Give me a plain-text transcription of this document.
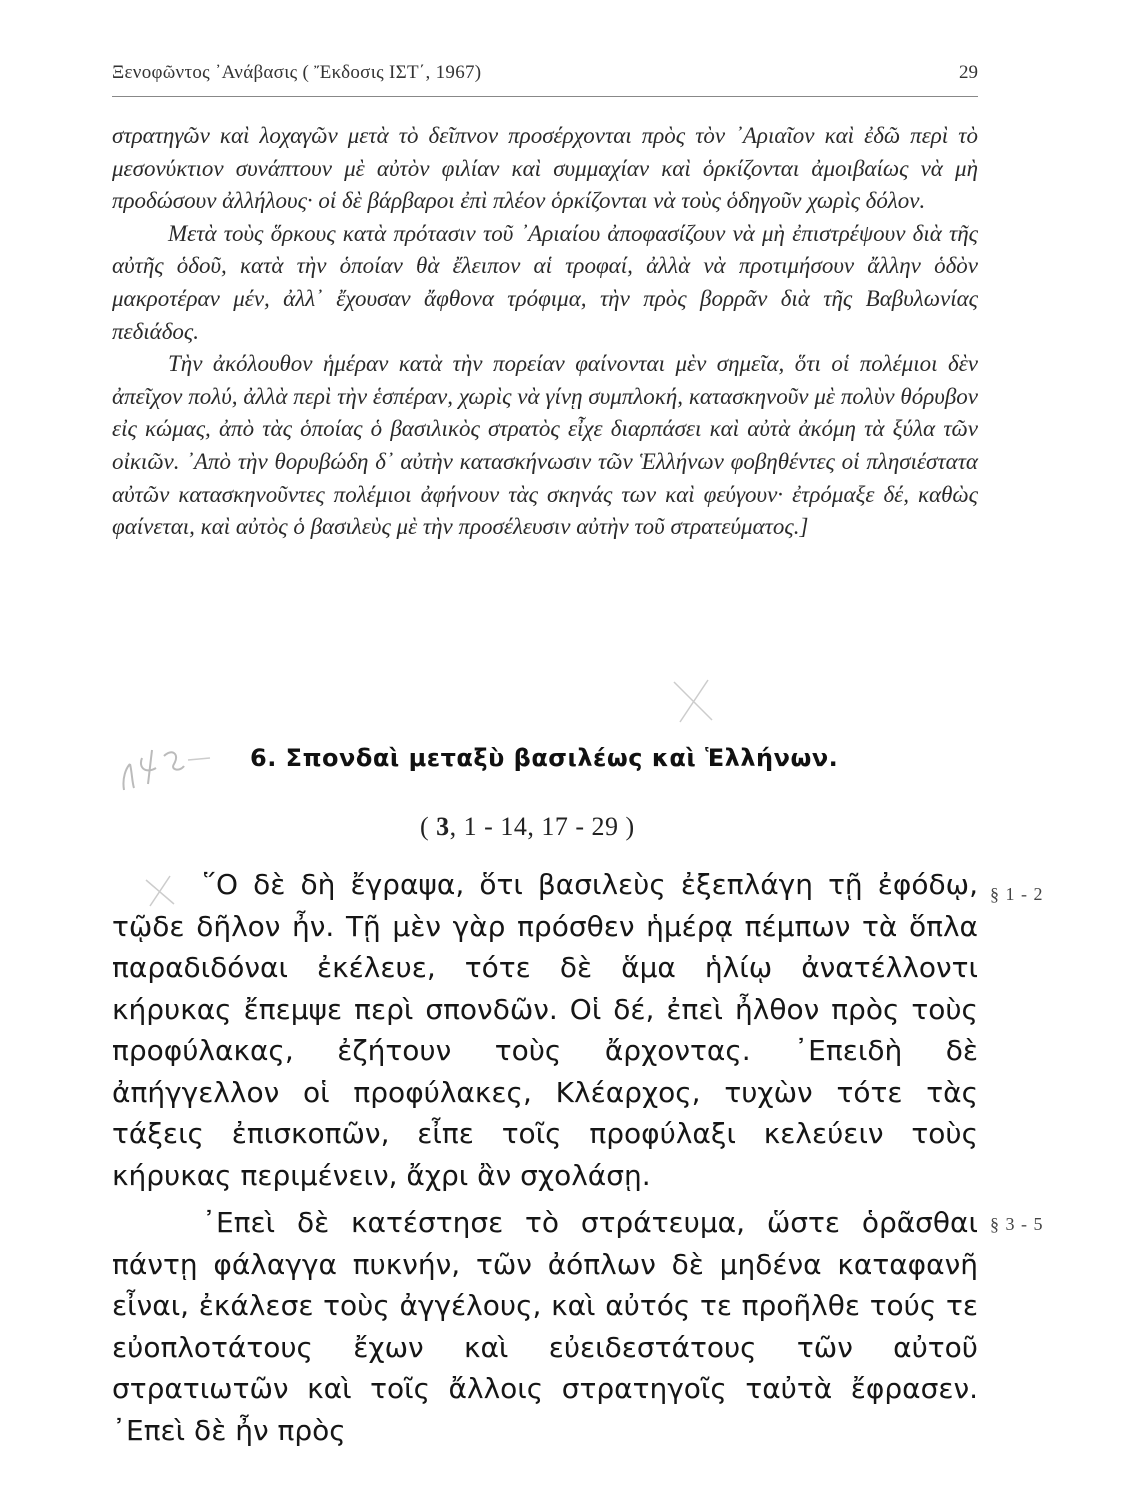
Ξενοφῶντος ᾿Ανάβασις ( Ἔκδοσις ΙΣΤ΄, 1967)	29

στρατηγῶν καὶ λοχαγῶν μετὰ τὸ δεῖπνον προσέρχονται πρὸς τὸν ᾿Αριαῖον καὶ ἐδῶ περὶ τὸ μεσονύκτιον συνάπτουν μὲ αὐτὸν φιλίαν καὶ συμμαχίαν καὶ ὁρκίζονται ἀμοιβαίως νὰ μὴ προδώσουν ἀλλήλους· οἱ δὲ βάρβαροι ἐπὶ πλέον ὁρκίζονται νὰ τοὺς ὁδηγοῦν χωρὶς δόλον.

Μετὰ τοὺς ὅρκους κατὰ πρότασιν τοῦ ᾿Αριαίου ἀποφασίζουν νὰ μὴ ἐπιστρέψουν διὰ τῆς αὐτῆς ὁδοῦ, κατὰ τὴν ὁποίαν θὰ ἔλειπον αἱ τροφαί, ἀλλὰ νὰ προτιμήσουν ἄλλην ὁδὸν μακροτέραν μέν, ἀλλ᾿ ἔχουσαν ἄφθονα τρόφιμα, τὴν πρὸς βορρᾶν διὰ τῆς Βαβυλωνίας πεδιάδος.

Τὴν ἀκόλουθον ἡμέραν κατὰ τὴν πορείαν φαίνονται μὲν σημεῖα, ὅτι οἱ πολέμιοι δὲν ἀπεῖχον πολύ, ἀλλὰ περὶ τὴν ἑσπέραν, χωρὶς νὰ γίνῃ συμπλοκή, κατασκηνοῦν μὲ πολὺν θόρυβον εἰς κώμας, ἀπὸ τὰς ὁποίας ὁ βασιλικὸς στρατὸς εἶχε διαρπάσει καὶ αὐτὰ ἀκόμη τὰ ξύλα τῶν οἰκιῶν. ᾿Απὸ τὴν θορυβώδη δ᾿ αὐτὴν κατασκήνωσιν τῶν Ἑλλήνων φοβηθέντες οἱ πλησιέστατα αὐτῶν κατασκηνοῦντες πολέμιοι ἀφήνουν τὰς σκηνάς των καὶ φεύγουν· ἐτρόμαξε δέ, καθὼς φαίνεται, καὶ αὐτὸς ὁ βασιλεὺς μὲ τὴν προσέλευσιν αὐτὴν τοῦ στρατεύματος.]

6. Σπονδαὶ μεταξὺ βασιλέως καὶ Ἑλλήνων.
( 3, 1 - 14, 17 - 29 )

῞Ο δὲ δὴ ἔγραψα, ὅτι βασιλεὺς ἐξεπλάγη τῇ ἐφόδῳ, τῷδε δῆλον ἦν. Τῇ μὲν γὰρ πρόσθεν ἡμέρᾳ πέμπων τὰ ὅπλα παραδιδόναι ἐκέλευε, τότε δὲ ἅμα ἡλίῳ ἀνατέλλοντι κήρυκας ἔπεμψε περὶ σπονδῶν. Οἱ δέ, ἐπεὶ ἦλθον πρὸς τοὺς προφύλακας, ἐζήτουν τοὺς ἄρχοντας. ᾿Επειδὴ δὲ ἀπήγγελλον οἱ προφύλακες, Κλέαρχος, τυχὼν τότε τὰς τάξεις ἐπισκοπῶν, εἶπε τοῖς προφύλαξι κελεύειν τοὺς κήρυκας περιμένειν, ἄχρι ἂν σχολάσῃ.

᾿Επεὶ δὲ κατέστησε τὸ στράτευμα, ὥστε ὁρᾶσθαι πάντῃ φάλαγγα πυκνήν, τῶν ἀόπλων δὲ μηδένα καταφανῆ εἶναι, ἐκάλεσε τοὺς ἀγγέλους, καὶ αὐτός τε προῆλθε τούς τε εὐοπλοτάτους ἔχων καὶ εὐειδεστάτους τῶν αὐτοῦ στρατιωτῶν καὶ τοῖς ἄλλοις στρατηγοῖς ταὐτὰ ἔφρασεν. ᾿Επεὶ δὲ ἦν πρὸς

§ 1 - 2
§ 3 - 5
